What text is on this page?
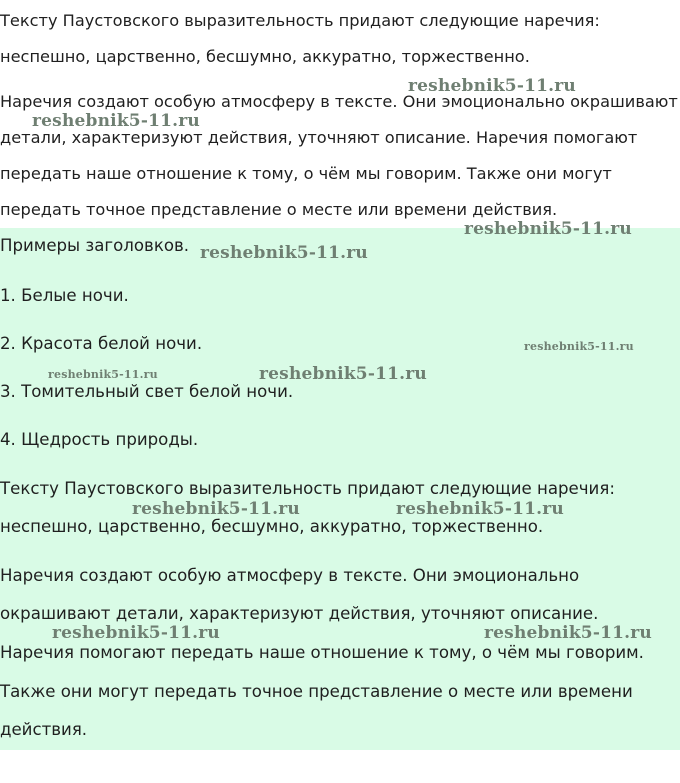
Тексту Паустовского выразительность придают следующие наречия:
неспешно, царственно, бесшумно, аккуратно, торжественно.
Наречия создают особую атмосферу в тексте. Они эмоционально окрашивают
детали, характеризуют действия, уточняют описание. Наречия помогают
передать наше отношение к тому, о чём мы говорим. Также они могут
передать точное представление о месте или времени действия.
Примеры заголовков.
1. Белые ночи.
2. Красота белой ночи.
3. Томительный свет белой ночи.
4. Щедрость природы.
Тексту Паустовского выразительность придают следующие наречия:
неспешно, царственно, бесшумно, аккуратно, торжественно.
Наречия создают особую атмосферу в тексте. Они эмоционально
окрашивают детали, характеризуют действия, уточняют описание.
Наречия помогают передать наше отношение к тому, о чём мы говорим.
Также они могут передать точное представление о месте или времени
действия.
reshebnik5-11.ru
reshebnik5-11.ru
reshebnik5-11.ru
reshebnik5-11.ru
reshebnik5-11.ru
reshebnik5-11.ru	reshebnik5-11.ru
reshebnik5-11.ru	reshebnik5-11.ru
reshebnik5-11.ru	reshebnik5-11.ru
